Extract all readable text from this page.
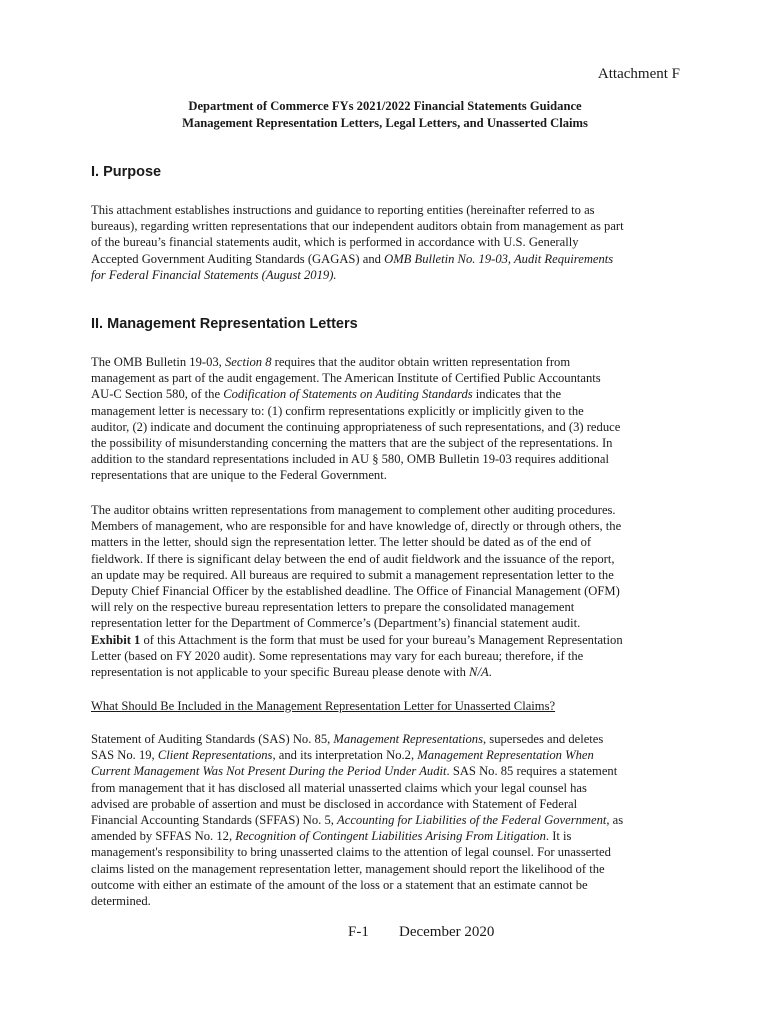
Attachment F
Department of Commerce FYs 2021/2022 Financial Statements Guidance
Management Representation Letters, Legal Letters, and Unasserted Claims
I. Purpose
This attachment establishes instructions and guidance to reporting entities (hereinafter referred to as
bureaus), regarding written representations that our independent auditors obtain from management as part
of the bureau’s financial statements audit, which is performed in accordance with U.S. Generally
Accepted Government Auditing Standards (GAGAS) and OMB Bulletin No. 19-03, Audit Requirements
for Federal Financial Statements (August 2019).
II. Management Representation Letters
The OMB Bulletin 19-03, Section 8 requires that the auditor obtain written representation from
management as part of the audit engagement. The American Institute of Certified Public Accountants
AU-C Section 580, of the Codification of Statements on Auditing Standards indicates that the
management letter is necessary to: (1) confirm representations explicitly or implicitly given to the
auditor, (2) indicate and document the continuing appropriateness of such representations, and (3) reduce
the possibility of misunderstanding concerning the matters that are the subject of the representations. In
addition to the standard representations included in AU § 580, OMB Bulletin 19-03 requires additional
representations that are unique to the Federal Government.
The auditor obtains written representations from management to complement other auditing procedures.
Members of management, who are responsible for and have knowledge of, directly or through others, the
matters in the letter, should sign the representation letter. The letter should be dated as of the end of
fieldwork. If there is significant delay between the end of audit fieldwork and the issuance of the report,
an update may be required. All bureaus are required to submit a management representation letter to the
Deputy Chief Financial Officer by the established deadline. The Office of Financial Management (OFM)
will rely on the respective bureau representation letters to prepare the consolidated management
representation letter for the Department of Commerce’s (Department’s) financial statement audit.
Exhibit 1 of this Attachment is the form that must be used for your bureau’s Management Representation
Letter (based on FY 2020 audit). Some representations may vary for each bureau; therefore, if the
representation is not applicable to your specific Bureau please denote with N/A.
What Should Be Included in the Management Representation Letter for Unasserted Claims?
Statement of Auditing Standards (SAS) No. 85, Management Representations, supersedes and deletes
SAS No. 19, Client Representations, and its interpretation No.2, Management Representation When
Current Management Was Not Present During the Period Under Audit. SAS No. 85 requires a statement
from management that it has disclosed all material unasserted claims which your legal counsel has
advised are probable of assertion and must be disclosed in accordance with Statement of Federal
Financial Accounting Standards (SFFAS) No. 5, Accounting for Liabilities of the Federal Government, as
amended by SFFAS No. 12, Recognition of Contingent Liabilities Arising From Litigation. It is
management's responsibility to bring unasserted claims to the attention of legal counsel. For unasserted
claims listed on the management representation letter, management should report the likelihood of the
outcome with either an estimate of the amount of the loss or a statement that an estimate cannot be
determined.
F-1 December 2020
